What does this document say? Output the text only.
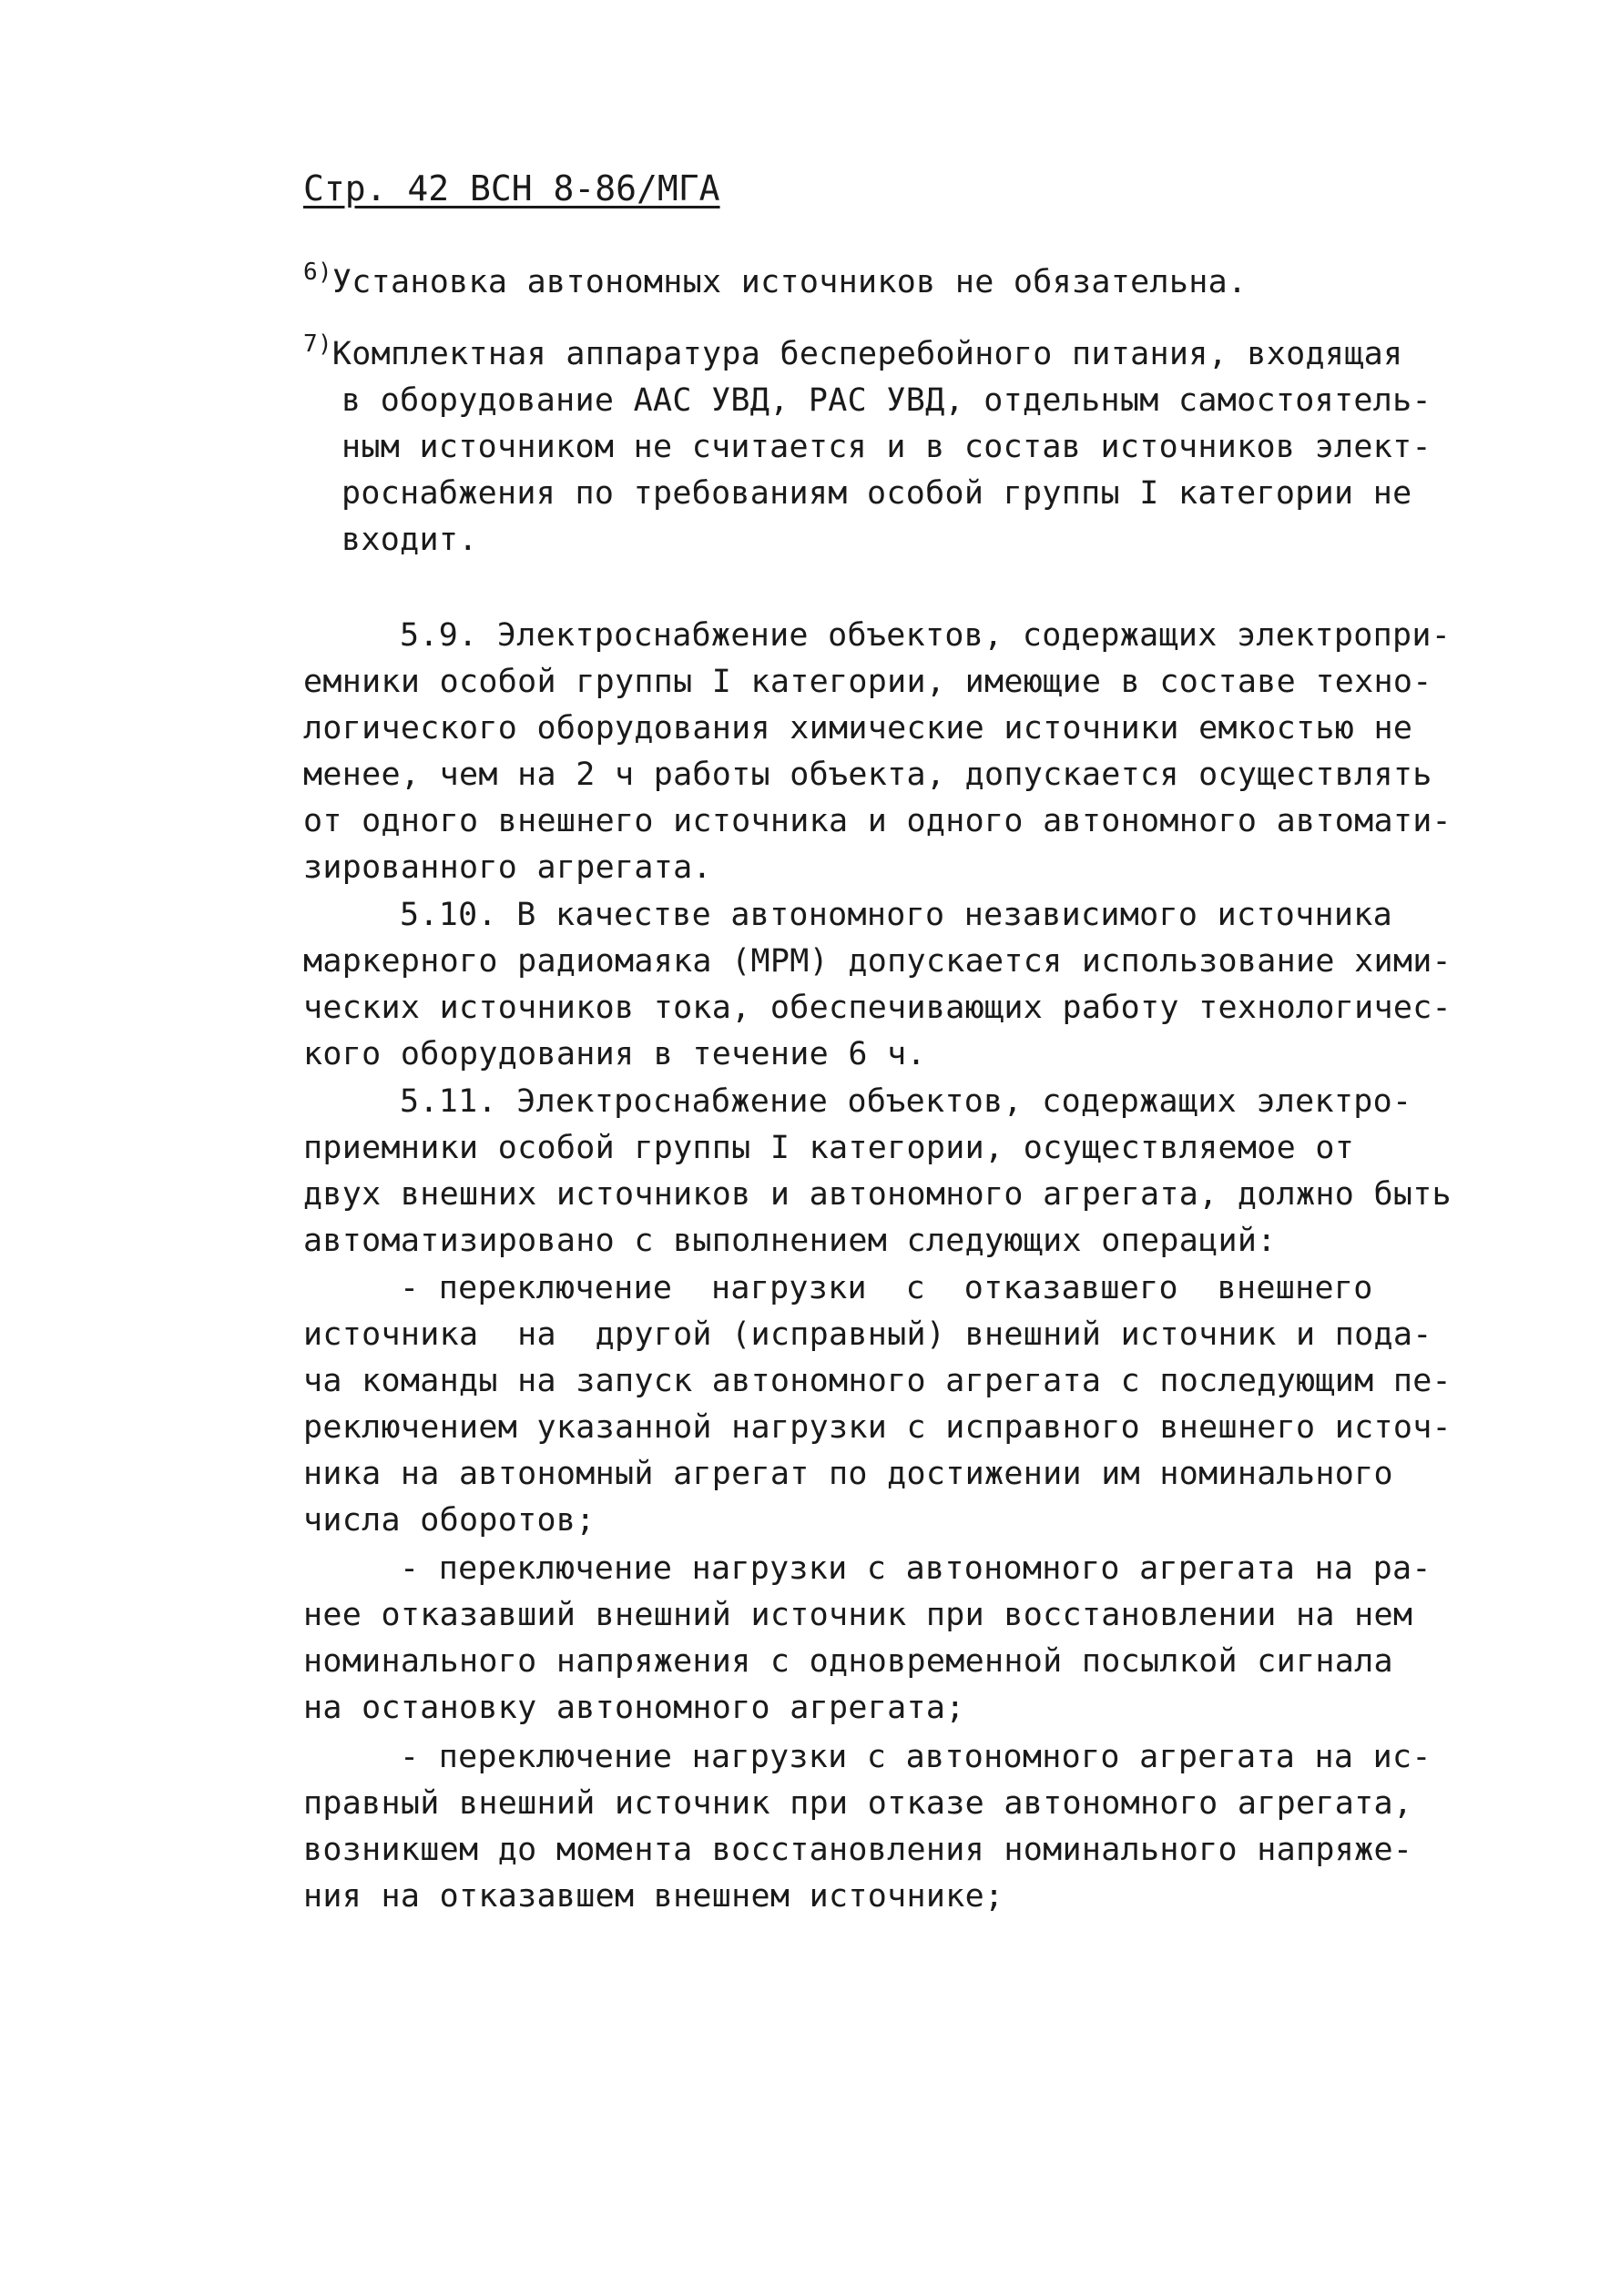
Стр. 42 ВСН 8-86/МГА
$^{6)}$Установка автономных источников не обязательна.
$^{7)}$Комплектная аппаратура бесперебойного питания, входящая
в оборудование ААС УВД, РАС УВД, отдельным самостоятель-
ным источником не считается и в состав источников элект-
роснабжения по требованиям особой группы I категории не
входит.
5.9. Электроснабжение объектов, содержащих электропри-
емники особой группы I категории, имеющие в составе техно-
логического оборудования химические источники емкостью не
менее, чем на 2 ч работы объекта, допускается осуществлять
от одного внешнего источника и одного автономного автомати-
зированного агрегата.
5.10. В качестве автономного независимого источника
маркерного радиомаяка (МРМ) допускается использование хими-
ческих источников тока, обеспечивающих работу технологичес-
кого оборудования в течение 6 ч.
5.11. Электроснабжение объектов, содержащих электро-
приемники особой группы I категории, осуществляемое от
двух внешних источников и автономного агрегата, должно быть
автоматизировано с выполнением следующих операций:
- переключение  нагрузки  с  отказавшего  внешнего
источника  на  другой (исправный) внешний источник и пода-
ча команды на запуск автономного агрегата с последующим пе-
реключением указанной нагрузки с исправного внешнего источ-
ника на автономный агрегат по достижении им номинального
числа оборотов;
- переключение нагрузки с автономного агрегата на ра-
нее отказавший внешний источник при восстановлении на нем
номинального напряжения с одновременной посылкой сигнала
на остановку автономного агрегата;
- переключение нагрузки с автономного агрегата на ис-
правный внешний источник при отказе автономного агрегата,
возникшем до момента восстановления номинального напряже-
ния на отказавшем внешнем источнике;
